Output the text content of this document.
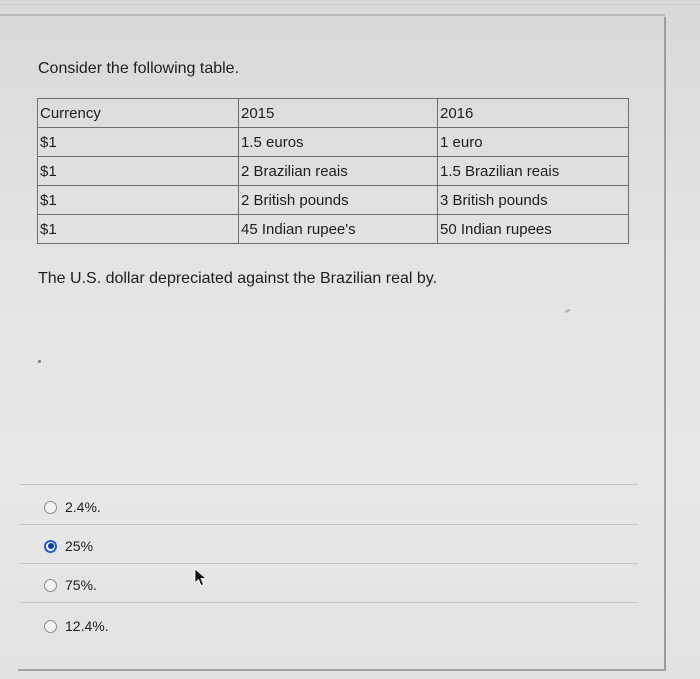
Consider the following table.
Currency	2015	2016
$1	1.5 euros	1 euro
$1	2 Brazilian reais	1.5 Brazilian reais
$1	2 British pounds	3 British pounds
$1	45 Indian rupee's	50 Indian rupees
The U.S. dollar depreciated against the Brazilian real by.
2.4%.
25%
75%.
12.4%.
